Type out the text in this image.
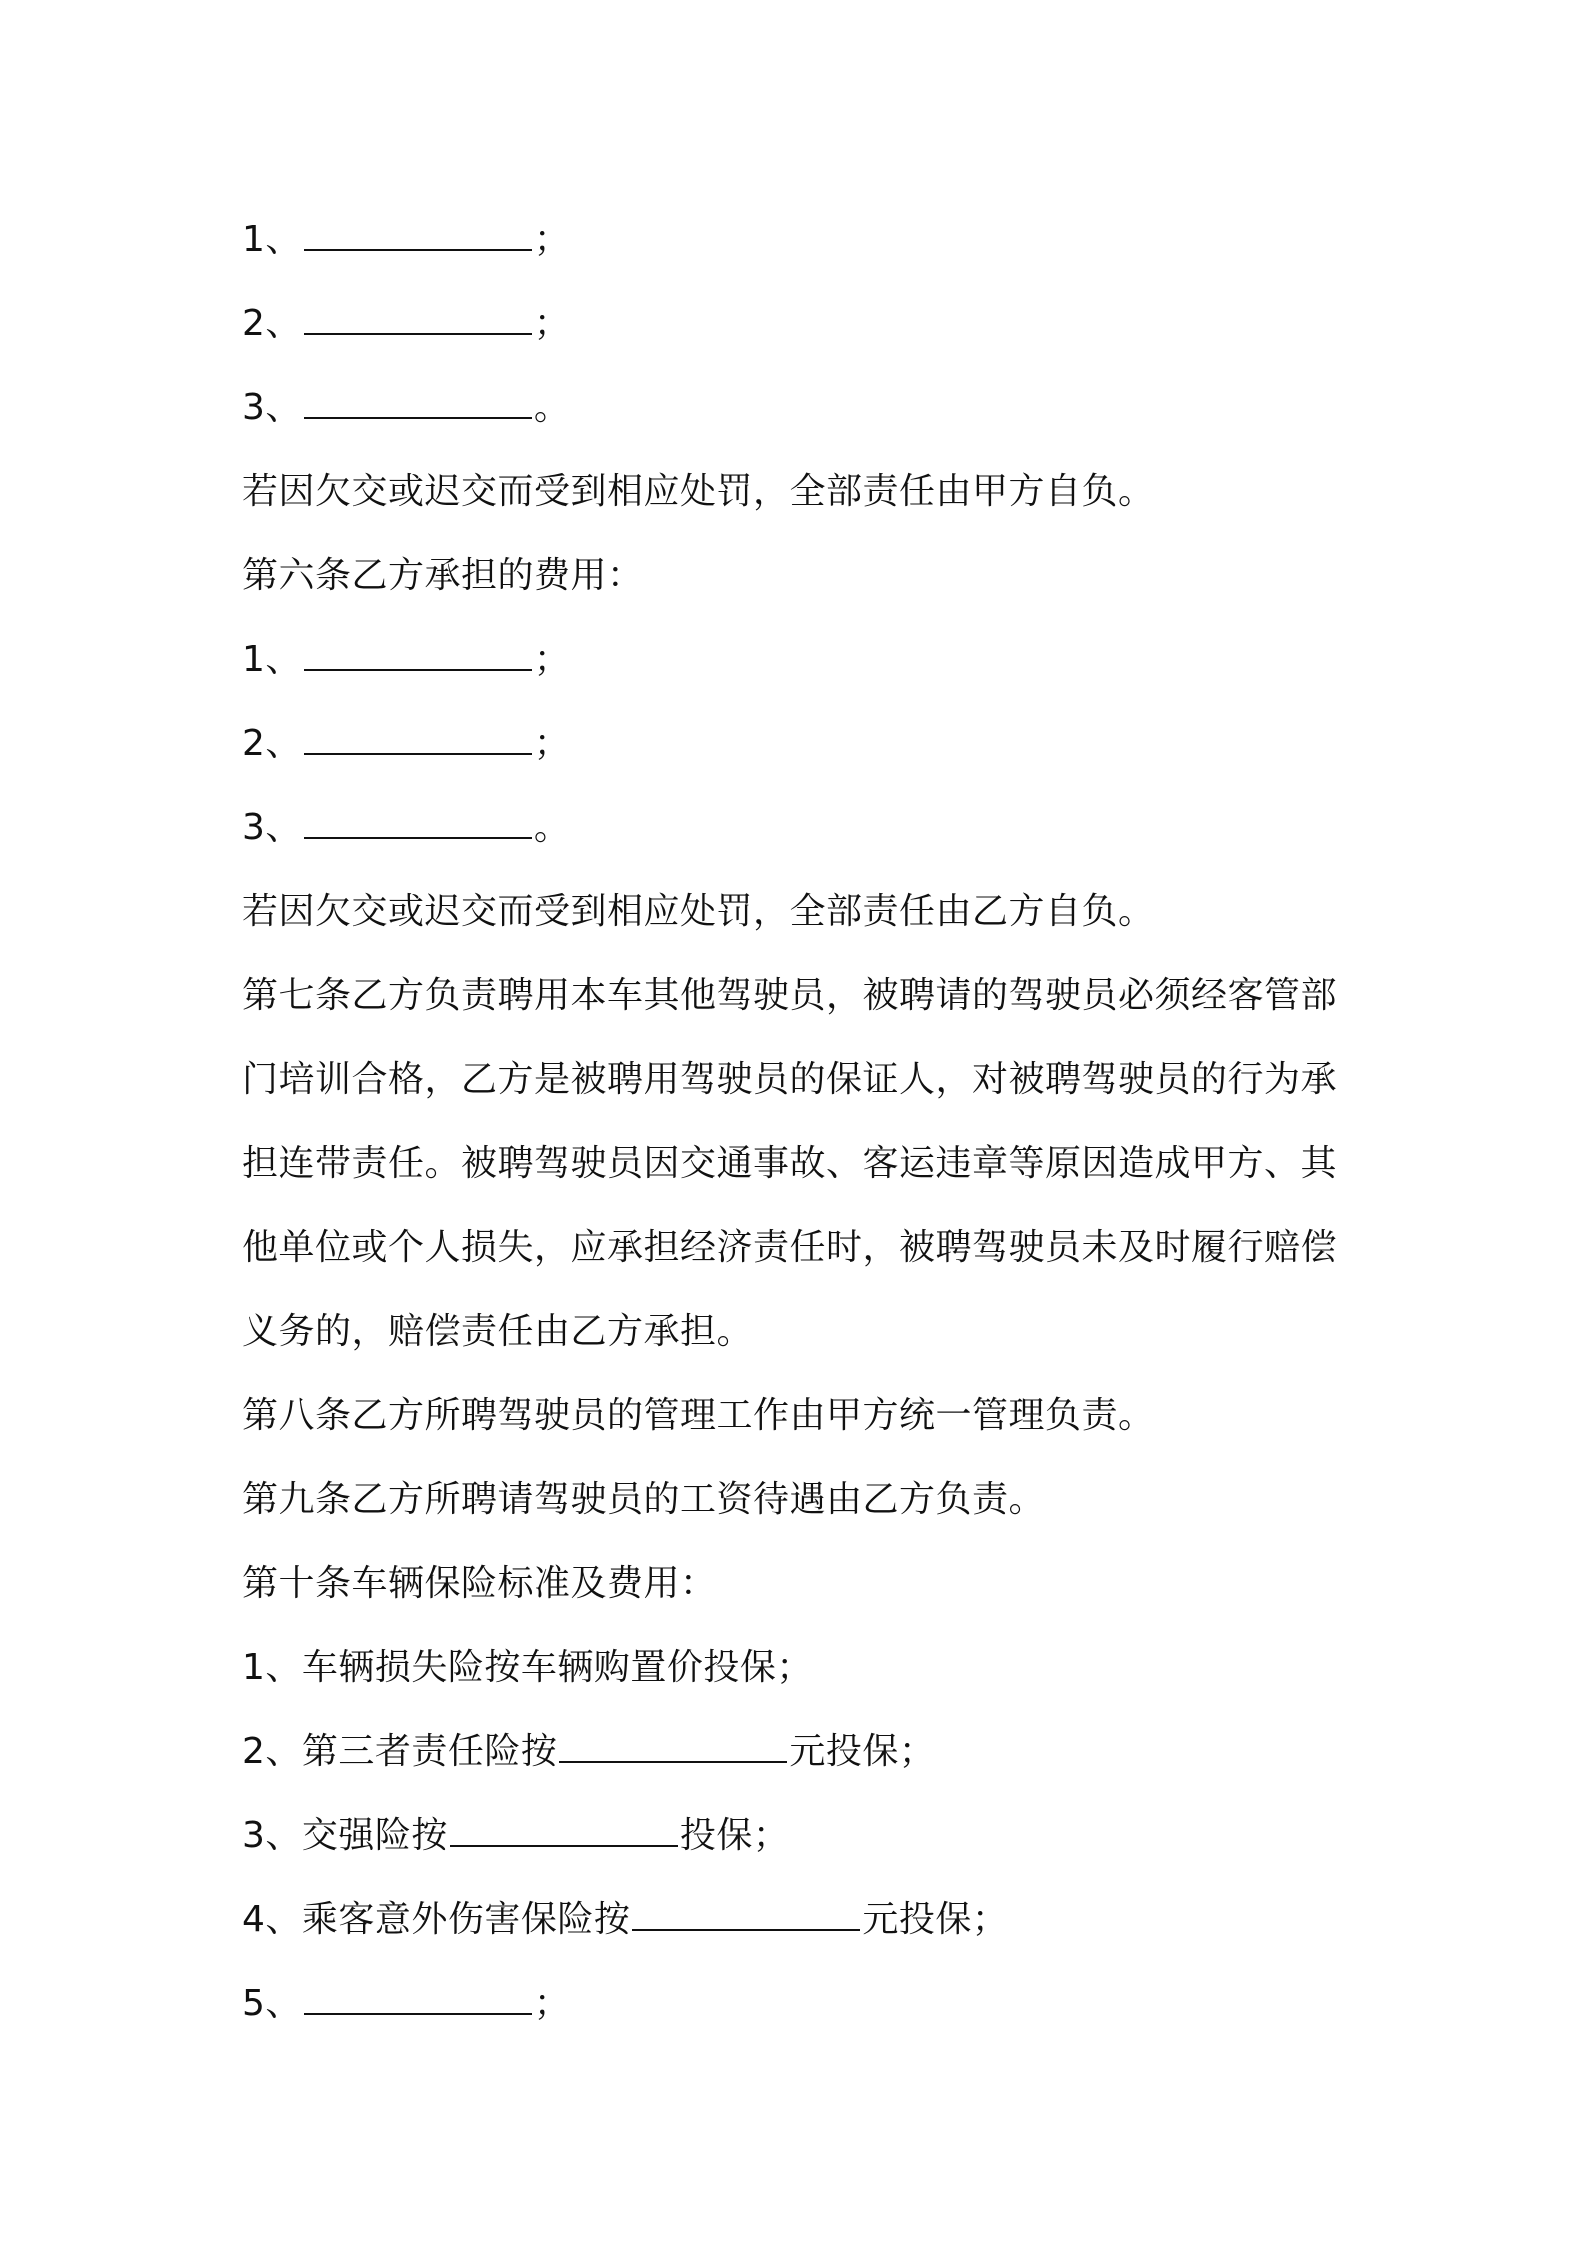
1、	；
2、	；
3、	。
若因欠交或迟交而受到相应处罚，全部责任由甲方自负。
第六条乙方承担的费用：
1、	；
2、	；
3、	。
若因欠交或迟交而受到相应处罚，全部责任由乙方自负。
第七条乙方负责聘用本车其他驾驶员，被聘请的驾驶员必须经客管部
门培训合格，乙方是被聘用驾驶员的保证人，对被聘驾驶员的行为承
担连带责任。被聘驾驶员因交通事故、客运违章等原因造成甲方、其
他单位或个人损失，应承担经济责任时，被聘驾驶员未及时履行赔偿
义务的，赔偿责任由乙方承担。
第八条乙方所聘驾驶员的管理工作由甲方统一管理负责。
第九条乙方所聘请驾驶员的工资待遇由乙方负责。
第十条车辆保险标准及费用：
1、车辆损失险按车辆购置价投保；
2、第三者责任险按	元投保；
3、交强险按	投保；
4、乘客意外伤害保险按	元投保；
5、	；
